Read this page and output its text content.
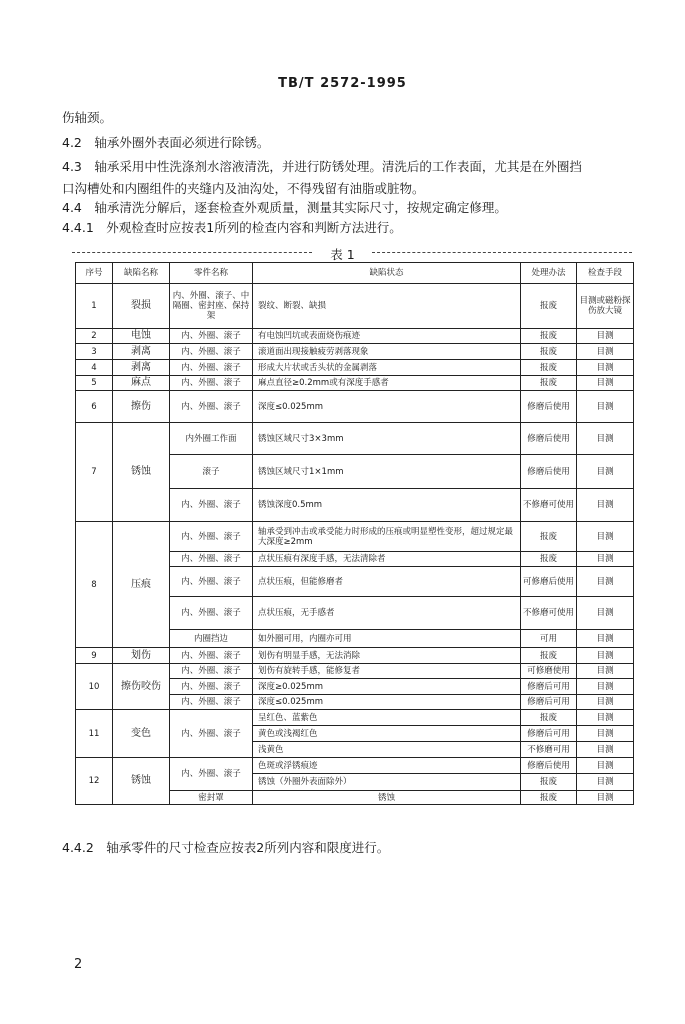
TB/T 2572-1995
伤轴颈。
4.2　轴承外圈外表面必须进行除锈。
4.3　轴承采用中性洗涤剂水溶液清洗，并进行防锈处理。清洗后的工作表面，尤其是在外圈挡
口沟槽处和内圈组件的夹缝内及油沟处，不得残留有油脂或脏物。
4.4　轴承清洗分解后，逐套检查外观质量，测量其实际尺寸，按规定确定修理。
4.4.1　外观检查时应按表1所列的检查内容和判断方法进行。
表 1
序号	缺陷名称	零件名称	缺陷状态	处理办法	检查手段
1	裂损	内、外圈、滚子、中隔圈、密封座、保持架	裂纹、断裂、缺损	报废	目测或磁粉探伤放大镜
2	电蚀	内、外圈、滚子	有电蚀凹坑或表面烧伤痕迹	报废	目测
3	剥离	内、外圈、滚子	滚道面出现接触疲劳剥落现象	报废	目测
4	剥离	内、外圈、滚子	形成大片状或舌头状的金属剥落	报废	目测
5	麻点	内、外圈、滚子	麻点直径≥0.2mm或有深度手感者	报废	目测
6	擦伤	内、外圈、滚子	深度≤0.025mm	修磨后使用	目测
7	锈蚀	内外圈工作面	锈蚀区域尺寸3×3mm	修磨后使用	目测
		滚子	锈蚀区域尺寸1×1mm	修磨后使用	目测
		内、外圈、滚子	锈蚀深度0.5mm	不修磨可使用	目测
8	压痕	内、外圈、滚子	轴承受到冲击或承受能力时形成的压痕或明显塑性变形，超过规定最大深度≥2mm	报废	目测
		内、外圈、滚子	点状压痕有深度手感，无法清除者	报废	目测
		内、外圈、滚子	点状压痕，但能修磨者	可修磨后使用	目测
		内、外圈、滚子	点状压痕，无手感者	不修磨可使用	目测
		内圈挡边	如外圈可用，内圈亦可用	可用	目测
9	划伤	内、外圈、滚子	划伤有明显手感，无法消除	报废	目测
10	擦伤咬伤	内、外圈、滚子	划伤有旋转手感，能修复者	可修磨使用	目测
		内、外圈、滚子	深度≥0.025mm	修磨后可用	目测
		内、外圈、滚子	深度≤0.025mm	修磨后可用	目测
11	变色	内、外圈、滚子	呈红色、蓝紫色	报废	目测
			黄色或浅褐红色	修磨后可用	目测
			浅黄色	不修磨可用	目测
12	锈蚀	内、外圈、滚子	色斑或浮锈痕迹	修磨后使用	目测
			锈蚀（外圈外表面除外）	报废	目测
		密封罩	锈蚀	报废	目测
4.4.2　轴承零件的尺寸检查应按表2所列内容和限度进行。
2
